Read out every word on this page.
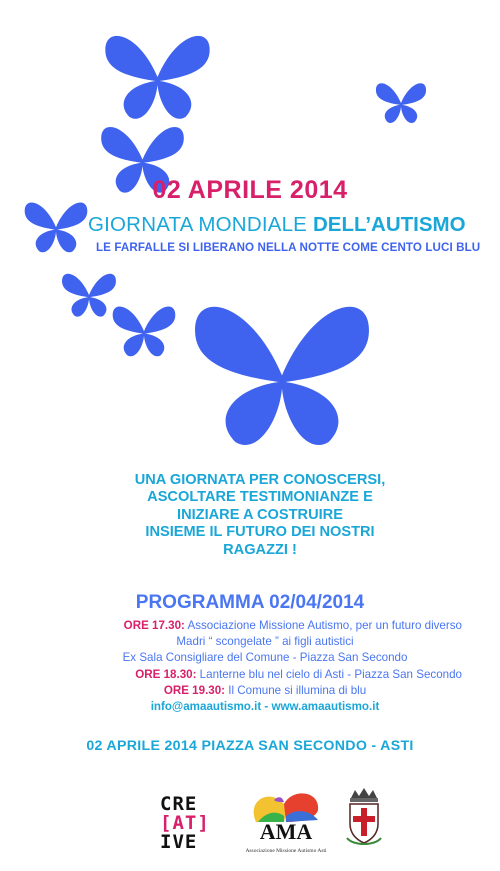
02 APRILE 2014
GIORNATA MONDIALE DELL’AUTISMO
LE FARFALLE SI LIBERANO NELLA NOTTE COME CENTO LUCI BLU
UNA GIORNATA PER CONOSCERSI,
ASCOLTARE TESTIMONIANZE E
INIZIARE A COSTRUIRE
INSIEME IL FUTURO DEI NOSTRI
RAGAZZI !
PROGRAMMA 02/04/2014
ORE 17.30: Associazione Missione Autismo, per un futuro diverso
Madri “ scongelate ” ai figli autistici
Ex Sala Consigliare del Comune - Piazza San Secondo
ORE 18.30: Lanterne blu nel cielo di Asti - Piazza San Secondo
ORE 19.30: Il Comune si illumina di blu
info@amaautismo.it - www.amaautismo.it
02 APRILE 2014 PIAZZA SAN SECONDO - ASTI
CRE
[AT]
IVE	AMA
Associazione Missione Autismo Asti
